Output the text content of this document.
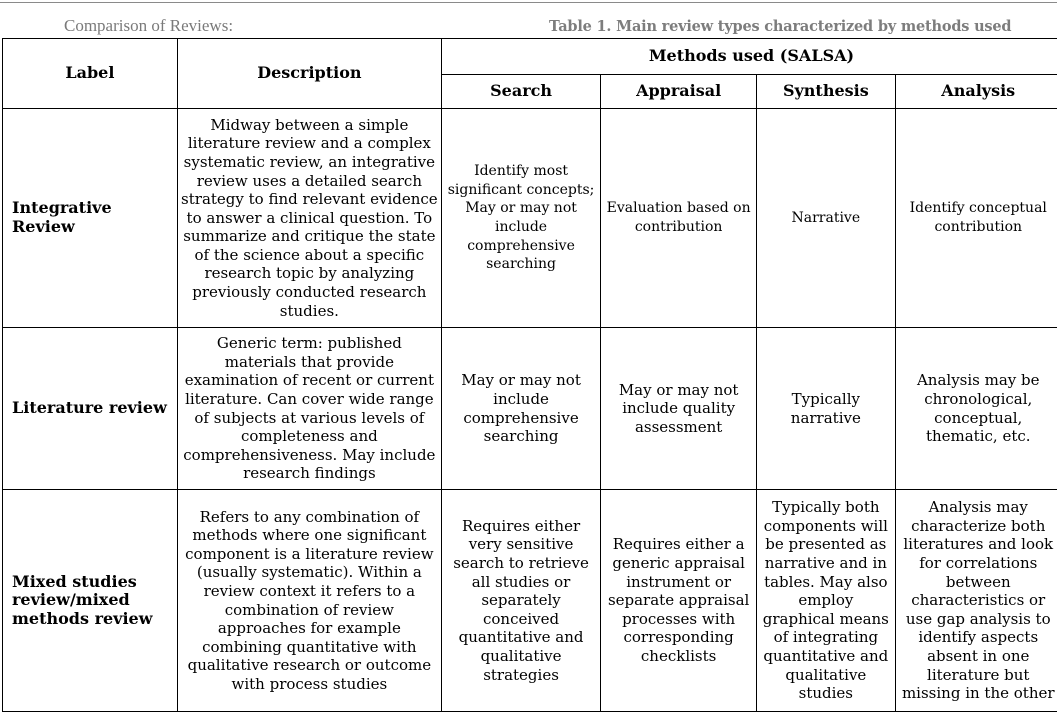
Comparison of Reviews:	Table 1. Main review types characterized by methods used
Label	Description	Methods used (SALSA)			
		Search	Appraisal	Synthesis	Analysis
Integrative Review	Midway between a simple literature review and a complex systematic review, an integrative review uses a detailed search strategy to find relevant evidence to answer a clinical question. To summarize and critique the state of the science about a specific research topic by analyzing previously conducted research studies.	Identify most significant concepts; May or may not include comprehensive searching	Evaluation based on contribution	Narrative	Identify conceptual contribution
Literature review	Generic term: published materials that provide examination of recent or current literature. Can cover wide range of subjects at various levels of completeness and comprehensiveness. May include research findings	May or may not include comprehensive searching	May or may not include quality assessment	Typically narrative	Analysis may be chronological, conceptual, thematic, etc.
Mixed studies review/mixed methods review	Refers to any combination of methods where one significant component is a literature review (usually systematic). Within a review context it refers to a combination of review approaches for example combining quantitative with qualitative research or outcome with process studies	Requires either very sensitive search to retrieve all studies or separately conceived quantitative and qualitative strategies	Requires either a generic appraisal instrument or separate appraisal processes with corresponding checklists	Typically both components will be presented as narrative and in tables. May also employ graphical means of integrating quantitative and qualitative studies	Analysis may characterize both literatures and look for correlations between characteristics or use gap analysis to identify aspects absent in one literature but missing in the other
